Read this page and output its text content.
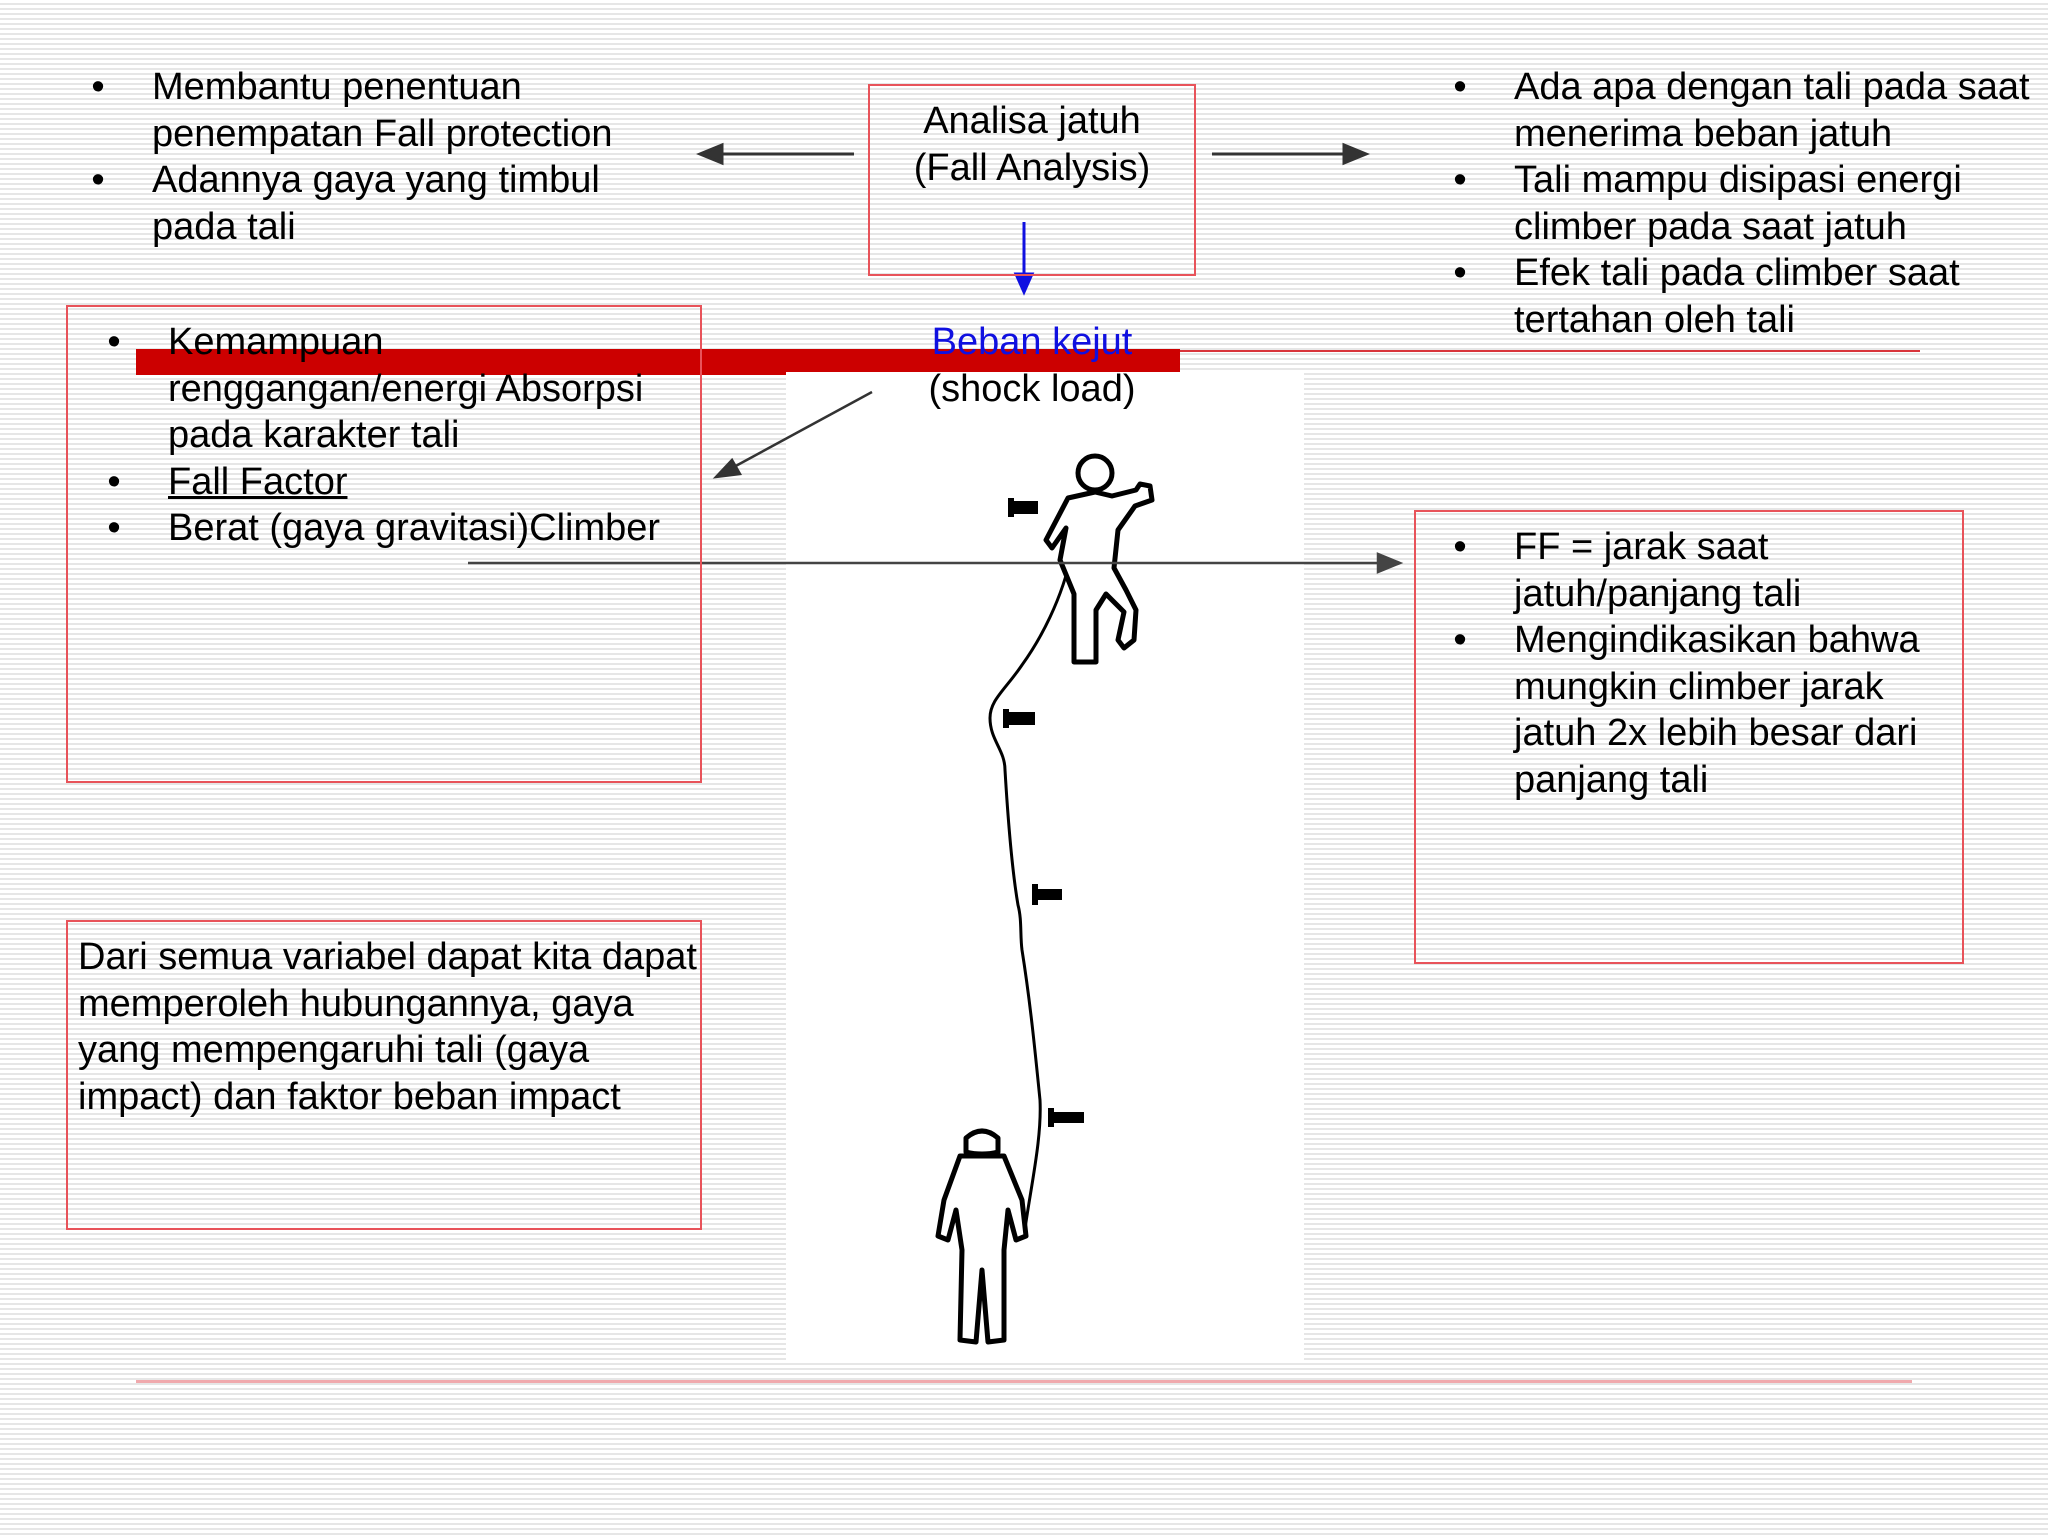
• Membantu penentuan penempatan Fall protection
• Adannya gaya yang timbul pada tali
Analisa jatuh
(Fall Analysis)
Beban kejut
(shock load)
• Ada apa dengan tali pada saat menerima beban jatuh
• Tali mampu disipasi energi climber pada saat jatuh
• Efek tali pada climber saat tertahan oleh tali
• Kemampuan renggangan/energi Absorpsi pada karakter tali
• Fall Factor
• Berat (gaya gravitasi)Climber	• FF = jarak saat jatuh/panjang tali
• Mengindikasikan bahwa mungkin climber jarak jatuh 2x lebih besar dari panjang tali
Dari semua variabel dapat kita dapat memperoleh hubungannya, gaya yang mempengaruhi tali (gaya impact) dan faktor beban impact
